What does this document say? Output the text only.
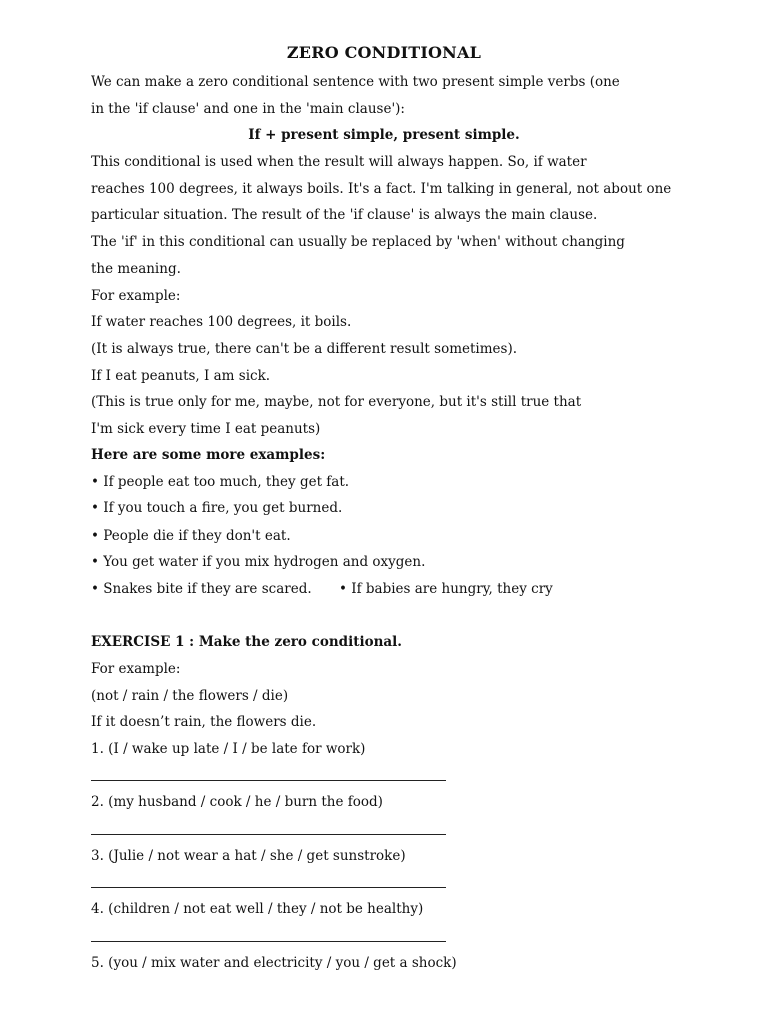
ZERO CONDITIONAL
We can make a zero conditional sentence with two present simple verbs (one
in the 'if clause' and one in the 'main clause'):
If + present simple, present simple.
This conditional is used when the result will always happen. So, if water
reaches 100 degrees, it always boils. It's a fact. I'm talking in general, not about one
particular situation. The result of the 'if clause' is always the main clause.
The 'if' in this conditional can usually be replaced by 'when' without changing
the meaning.
For example:
If water reaches 100 degrees, it boils.
(It is always true, there can't be a different result sometimes).
If I eat peanuts, I am sick.
(This is true only for me, maybe, not for everyone, but it's still true that
I'm sick every time I eat peanuts)
Here are some more examples:
• If people eat too much, they get fat.
• If you touch a fire, you get burned.
• People die if they don't eat.
• You get water if you mix hydrogen and oxygen.
• Snakes bite if they are scared. • If babies are hungry, they cry
EXERCISE 1 : Make the zero conditional.
For example:
(not / rain / the flowers / die)
If it doesn’t rain, the flowers die.
1. (I / wake up late / I / be late for work)
2. (my husband / cook / he / burn the food)
3. (Julie / not wear a hat / she / get sunstroke)
4. (children / not eat well / they / not be healthy)
5. (you / mix water and electricity / you / get a shock)
